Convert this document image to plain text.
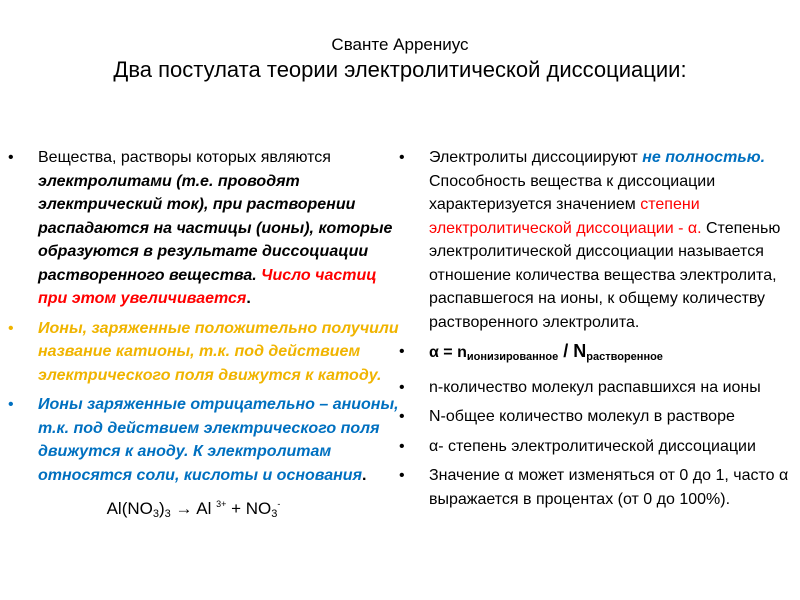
Сванте Аррениус
Два постулата теории электролитической диссоциации:
• Вещества, растворы которых являются электролитами (т.е. проводят электрический ток), при растворении распадаются на частицы (ионы), которые образуются в результате диссоциации растворенного вещества. Число частиц при этом увеличивается.
• Ионы, заряженные положительно получили название катионы, т.к. под действием электрического поля движутся к катоду.
• Ионы заряженные отрицательно – анионы, т.к. под действием электрического поля движутся к аноду. К электролитам относятся соли, кислоты и основания.
$Al(NO_3)_3 \to Al$ $^{3+} + NO_3^-$
• Электролиты диссоциируют не полностью. Способность вещества к диссоциации характеризуется значением степени электролитической диссоциации - α. Степенью электролитической диссоциации называется отношение количества вещества электролита, распавшегося на ионы, к общему количеству растворенного электролита.
• $\alpha = n_{ионизированное} / N_{растворенное}$
• n-количество молекул распавшихся на ионы
• N-общее количество молекул в растворе
• α- степень электролитической диссоциации
• Значение α может изменяться от 0 до 1, часто α выражается в процентах (от 0 до 100%).
